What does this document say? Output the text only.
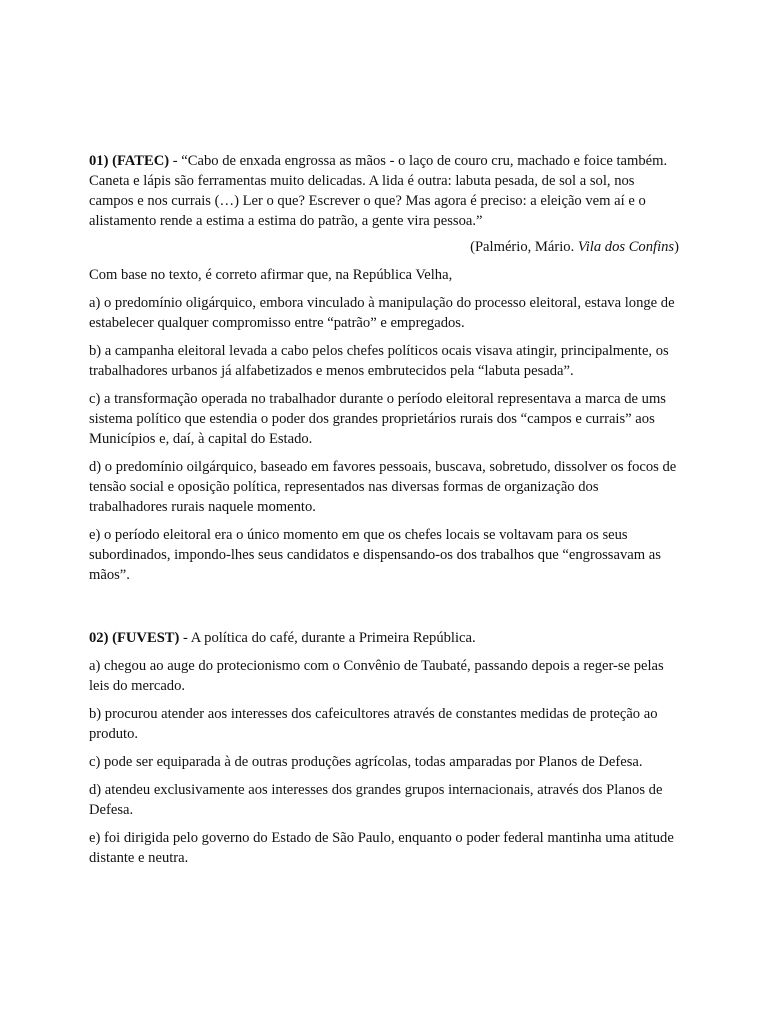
01) (FATEC) - “Cabo de enxada engrossa as mãos - o laço de couro cru, machado e foice também. Caneta e lápis são ferramentas muito delicadas. A lida é outra: labuta pesada, de sol a sol, nos campos e nos currais (…) Ler o que? Escrever o que? Mas agora é preciso: a eleição vem aí e o alistamento rende a estima a estima do patrão, a gente vira pessoa.”

(Palmério, Mário. Vila dos Confins)

Com base no texto, é correto afirmar que, na República Velha,

a) o predomínio oligárquico, embora vinculado à manipulação do processo eleitoral, estava longe de estabelecer qualquer compromisso entre “patrão” e empregados.

b) a campanha eleitoral levada a cabo pelos chefes políticos ocais visava atingir, principalmente, os trabalhadores urbanos já alfabetizados e menos embrutecidos pela “labuta pesada”.

c) a transformação operada no trabalhador durante o período eleitoral representava a marca de ums sistema político que estendia o poder dos grandes proprietários rurais dos “campos e currais” aos Municípios e, daí, à capital do Estado.

d) o predomínio oilgárquico, baseado em favores pessoais, buscava, sobretudo, dissolver os focos de tensão social e oposição política, representados nas diversas formas de organização dos trabalhadores rurais naquele momento.

e) o período eleitoral era o único momento em que os chefes locais se voltavam para os seus subordinados, impondo-lhes seus candidatos e dispensando-os dos trabalhos que “engrossavam as mãos”.

02) (FUVEST) - A política do café, durante a Primeira República.

a) chegou ao auge do protecionismo com o Convênio de Taubaté, passando depois a reger-se pelas leis do mercado.

b) procurou atender aos interesses dos cafeicultores através de constantes medidas de proteção ao produto.

c) pode ser equiparada à de outras produções agrícolas, todas amparadas por Planos de Defesa.

d) atendeu exclusivamente aos interesses dos grandes grupos internacionais, através dos Planos de Defesa.

e) foi dirigida pelo governo do Estado de São Paulo, enquanto o poder federal mantinha uma atitude distante e neutra.
